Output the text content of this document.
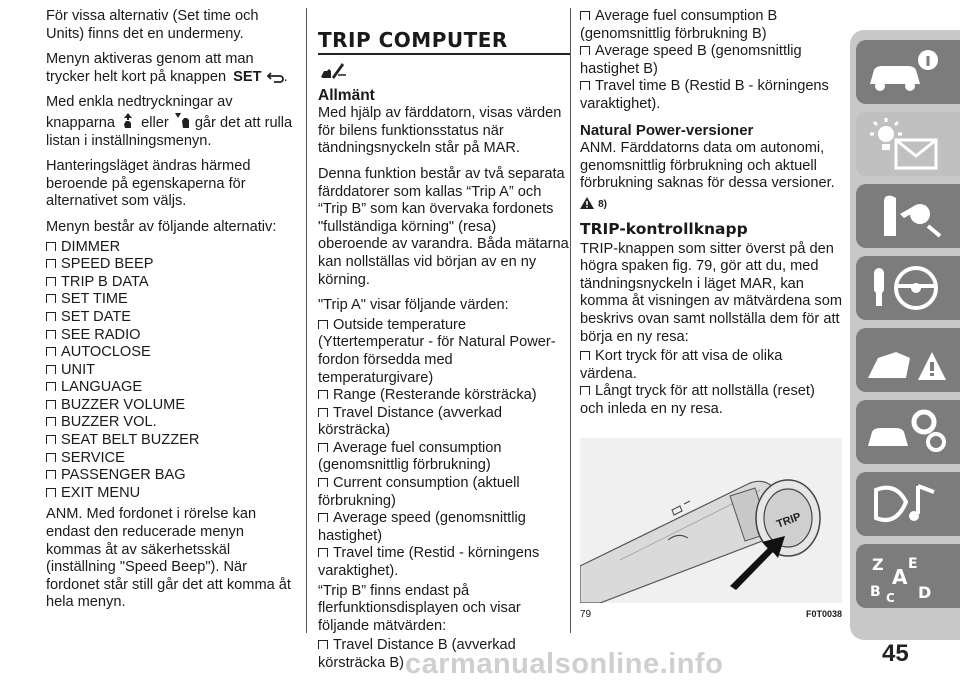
För vissa alternativ (Set time och Units) finns det en undermeny.

Menyn aktiveras genom att man trycker helt kort på knappen SET .

Med enkla nedtryckningar av knapparna eller går det att rulla listan i inställningsmenyn.

Hanteringsläget ändras härmed beroende på egenskaperna för alternativet som väljs.

Menyn består av följande alternativ:

DIMMER
SPEED BEEP
TRIP B DATA
SET TIME
SET DATE
SEE RADIO
AUTOCLOSE
UNIT
LANGUAGE
BUZZER VOLUME
BUZZER VOL.
SEAT BELT BUZZER
SERVICE
PASSENGER BAG
EXIT MENU

ANM. Med fordonet i rörelse kan endast den reducerade menyn kommas åt av säkerhetsskäl (inställning "Speed Beep"). När fordonet står still går det att komma åt hela menyn.

TRIP COMPUTER
Allmänt

Med hjälp av färddatorn, visas värden för bilens funktionsstatus när tändningsnyckeln står på MAR.

Denna funktion består av två separata färddatorer som kallas “Trip A” och “Trip B” som kan övervaka fordonets "fullständiga körning" (resa) oberoende av varandra. Båda mätarna kan nollställas vid början av en ny körning.

"Trip A" visar följande värden:

Outside temperature (Yttertemperatur - för Natural Power-fordon försedda med temperaturgivare)
Range (Resterande körsträcka)
Travel Distance (avverkad körsträcka)
Average fuel consumption (genomsnittlig förbrukning)
Current consumption (aktuell förbrukning)
Average speed (genomsnittlig hastighet)
Travel time (Restid - körningens varaktighet).

“Trip B” finns endast på flerfunktionsdisplayen och visar följande mätvärden:

Travel Distance B (avverkad körsträcka B)
Average fuel consumption B (genomsnittlig förbrukning B)
Average speed B (genomsnittlig hastighet B)
Travel time B (Restid B - körningens varaktighet).
Natural Power-versioner

ANM. Färddatorns data om autonomi, genomsnittlig förbrukning och aktuell förbrukning saknas för dessa versioner.

8)
TRIP-kontrollknapp

TRIP-knappen som sitter överst på den högra spaken fig. 79, gör att du, med tändningsnyckeln i läget MAR, kan komma åt visningen av mätvärdena som beskrivs ovan samt nollställa dem för att börja en ny resa:

Kort tryck för att visa de olika värdena.
Långt tryck för att nollställa (reset) och inleda en ny resa.
TRIP
79	F0T0038
Z E
A
B C D
45
carmanualsonline.info
